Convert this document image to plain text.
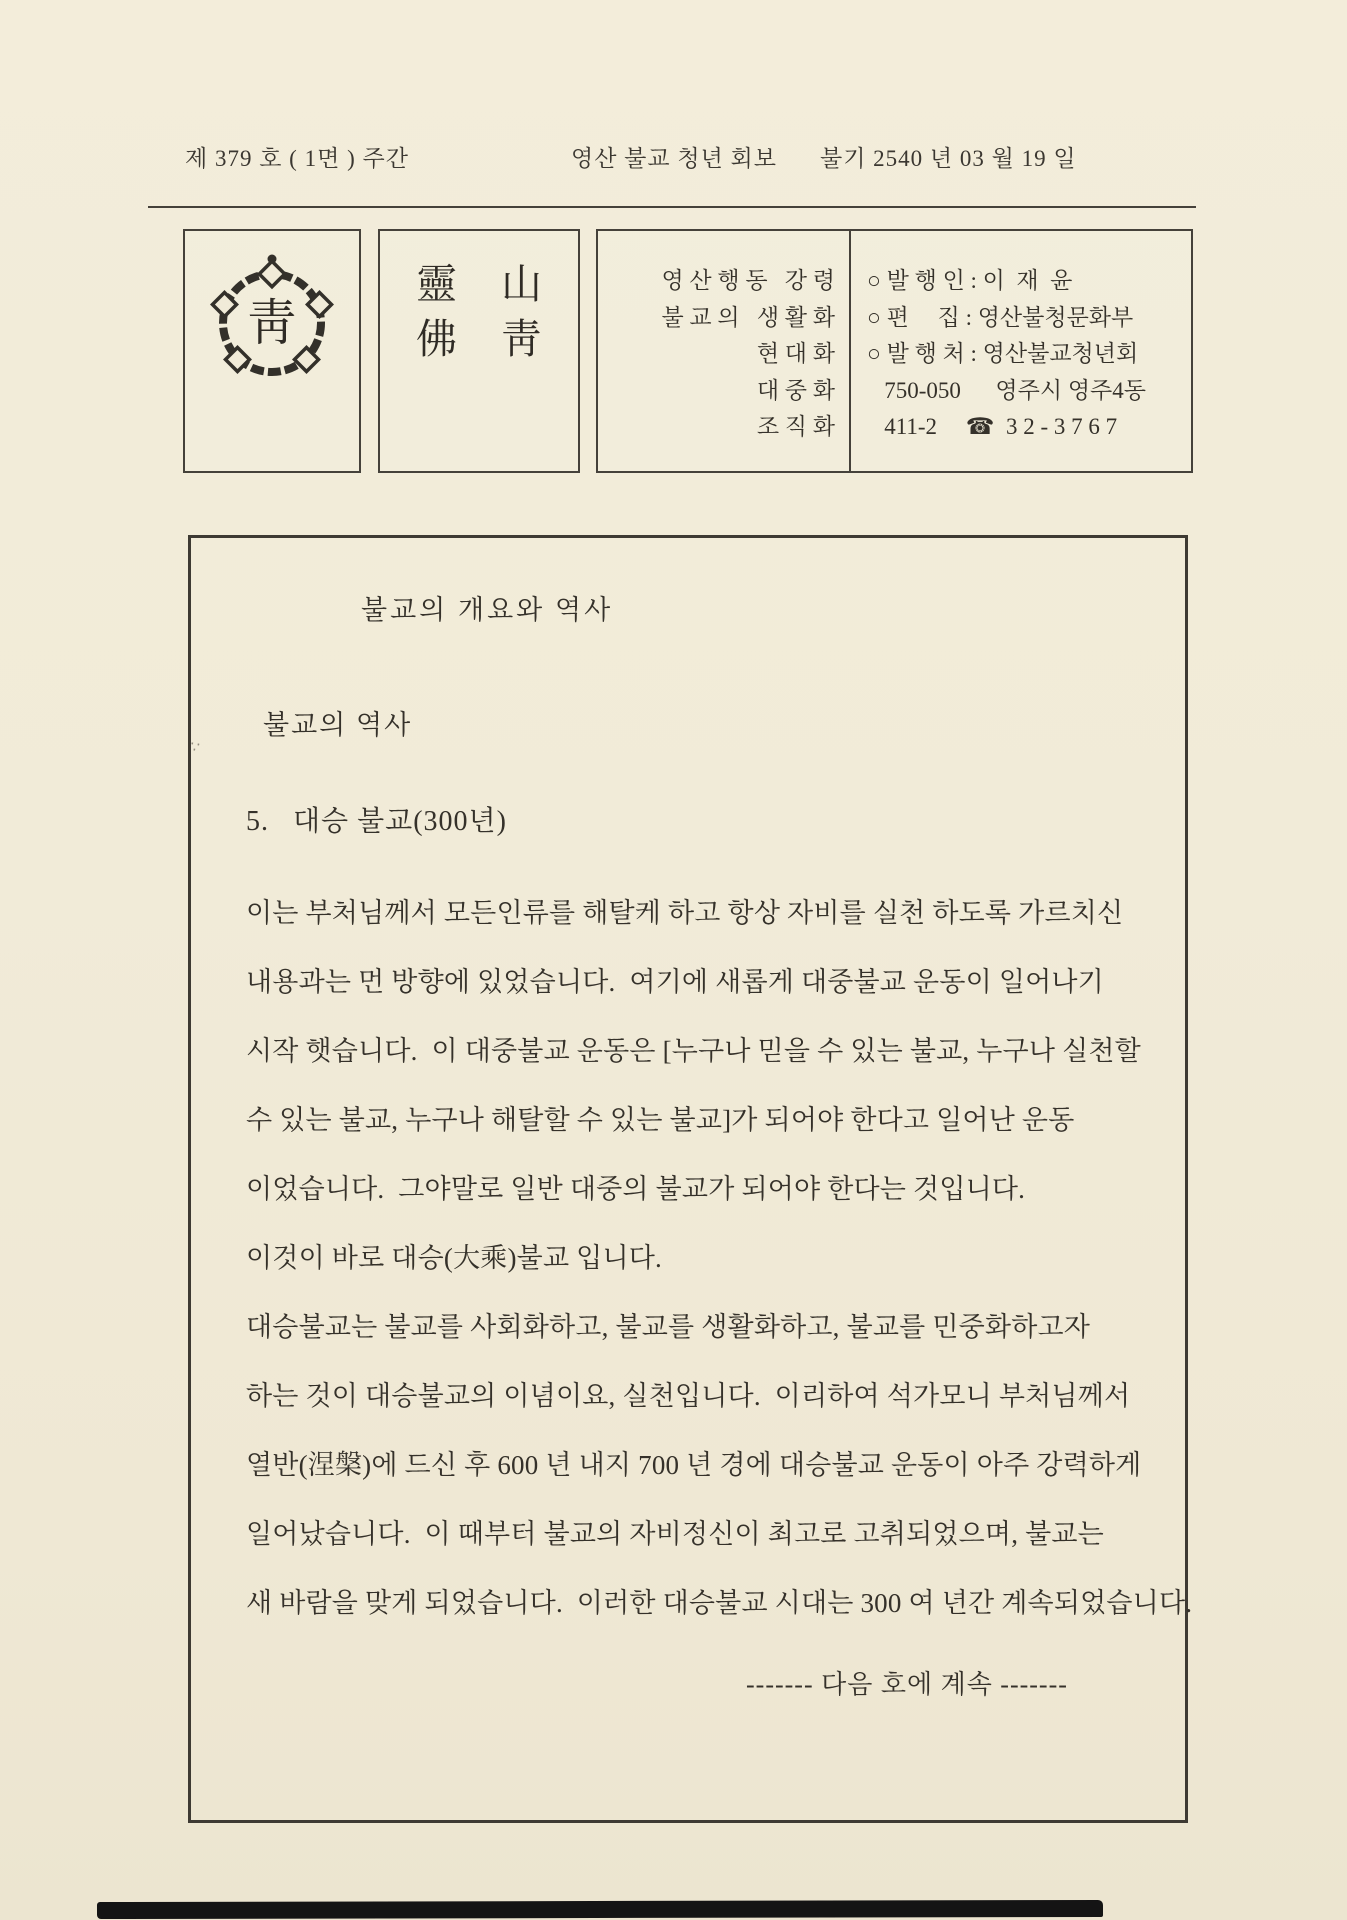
제 379 호 ( 1면 ) 주간	영산 불교 청년 회보 불기 2540 년 03 월 19 일
靑
靈 山
佛 靑
영 산 행 동   강 령
불 교 의   생 활 화
현 대 화
대 중 화
조 직 화
○ 발 행 인 : 이  재  윤
○ 편     집 : 영산불청문화부
○ 발 행 처 : 영산불교청년회
750-050      영주시 영주4동
411-2     ☎  3 2 - 3 7 6 7
∵
불교의 개요와 역사
불교의 역사
5.   대승 불교(300년)
이는 부처님께서 모든인류를 해탈케 하고 항상 자비를 실천 하도록 가르치신
내용과는 먼 방향에 있었습니다.  여기에 새롭게 대중불교 운동이 일어나기
시작 햇습니다.  이 대중불교 운동은 [누구나 믿을 수 있는 불교, 누구나 실천할
수 있는 불교, 누구나 해탈할 수 있는 불교]가 되어야 한다고 일어난 운동
이었습니다.  그야말로 일반 대중의 불교가 되어야 한다는 것입니다.
이것이 바로 대승(大乘)불교 입니다.
대승불교는 불교를 사회화하고, 불교를 생활화하고, 불교를 민중화하고자
하는 것이 대승불교의 이념이요, 실천입니다.  이리하여 석가모니 부처님께서
열반(涅槃)에 드신 후 600 년 내지 700 년 경에 대승불교 운동이 아주 강력하게
일어났습니다.  이 때부터 불교의 자비정신이 최고로 고취되었으며, 불교는
새 바람을 맞게 되었습니다.  이러한 대승불교 시대는 300 여 년간 계속되었습니다.
------- 다음 호에 계속 -------
